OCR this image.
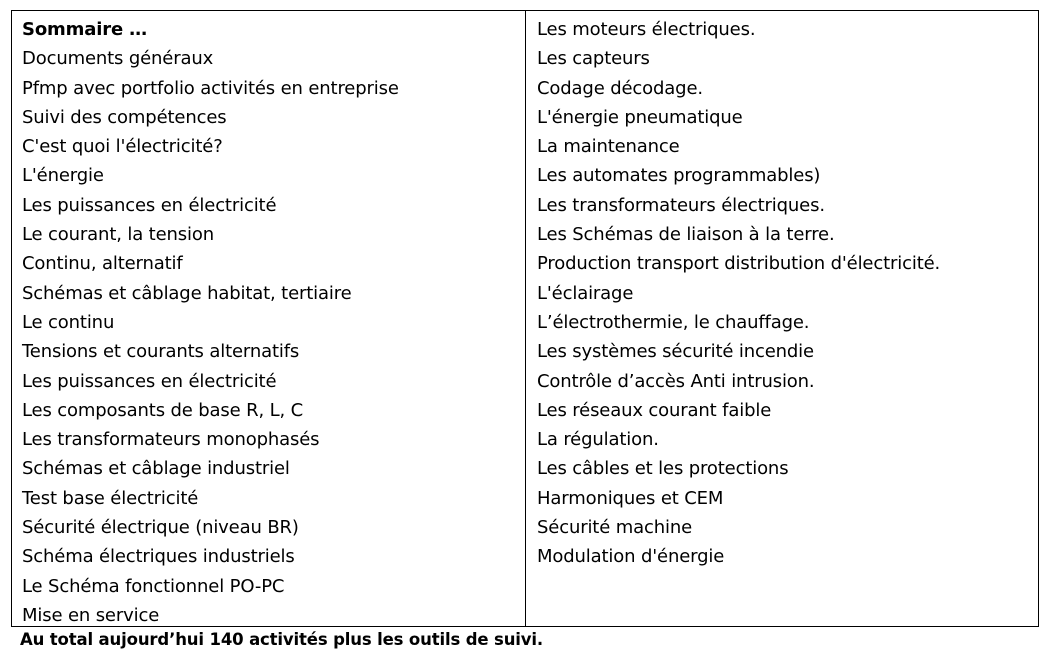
Sommaire …
Documents généraux
Pfmp avec portfolio activités en entreprise
Suivi des compétences
C'est quoi l'électricité?
L'énergie
Les puissances en électricité
Le courant, la tension
Continu, alternatif
Schémas et câblage habitat, tertiaire
Le continu
Tensions et courants alternatifs
Les puissances en électricité
Les composants de base R, L, C
Les transformateurs monophasés
Schémas et câblage industriel
Test base électricité
Sécurité électrique (niveau BR)
Schéma électriques industriels
Le Schéma fonctionnel PO-PC
Mise en service
Les moteurs électriques.
Les capteurs
Codage décodage.
L'énergie pneumatique
La maintenance
Les automates programmables)
Les transformateurs électriques.
Les Schémas de liaison à la terre.
Production transport distribution d'électricité.
L'éclairage
L’électrothermie, le chauffage.
Les systèmes sécurité incendie
Contrôle d’accès Anti intrusion.
Les réseaux courant faible
La régulation.
Les câbles et les protections
Harmoniques et CEM
Sécurité machine
Modulation d'énergie
Au total aujourd’hui 140 activités plus les outils de suivi.
